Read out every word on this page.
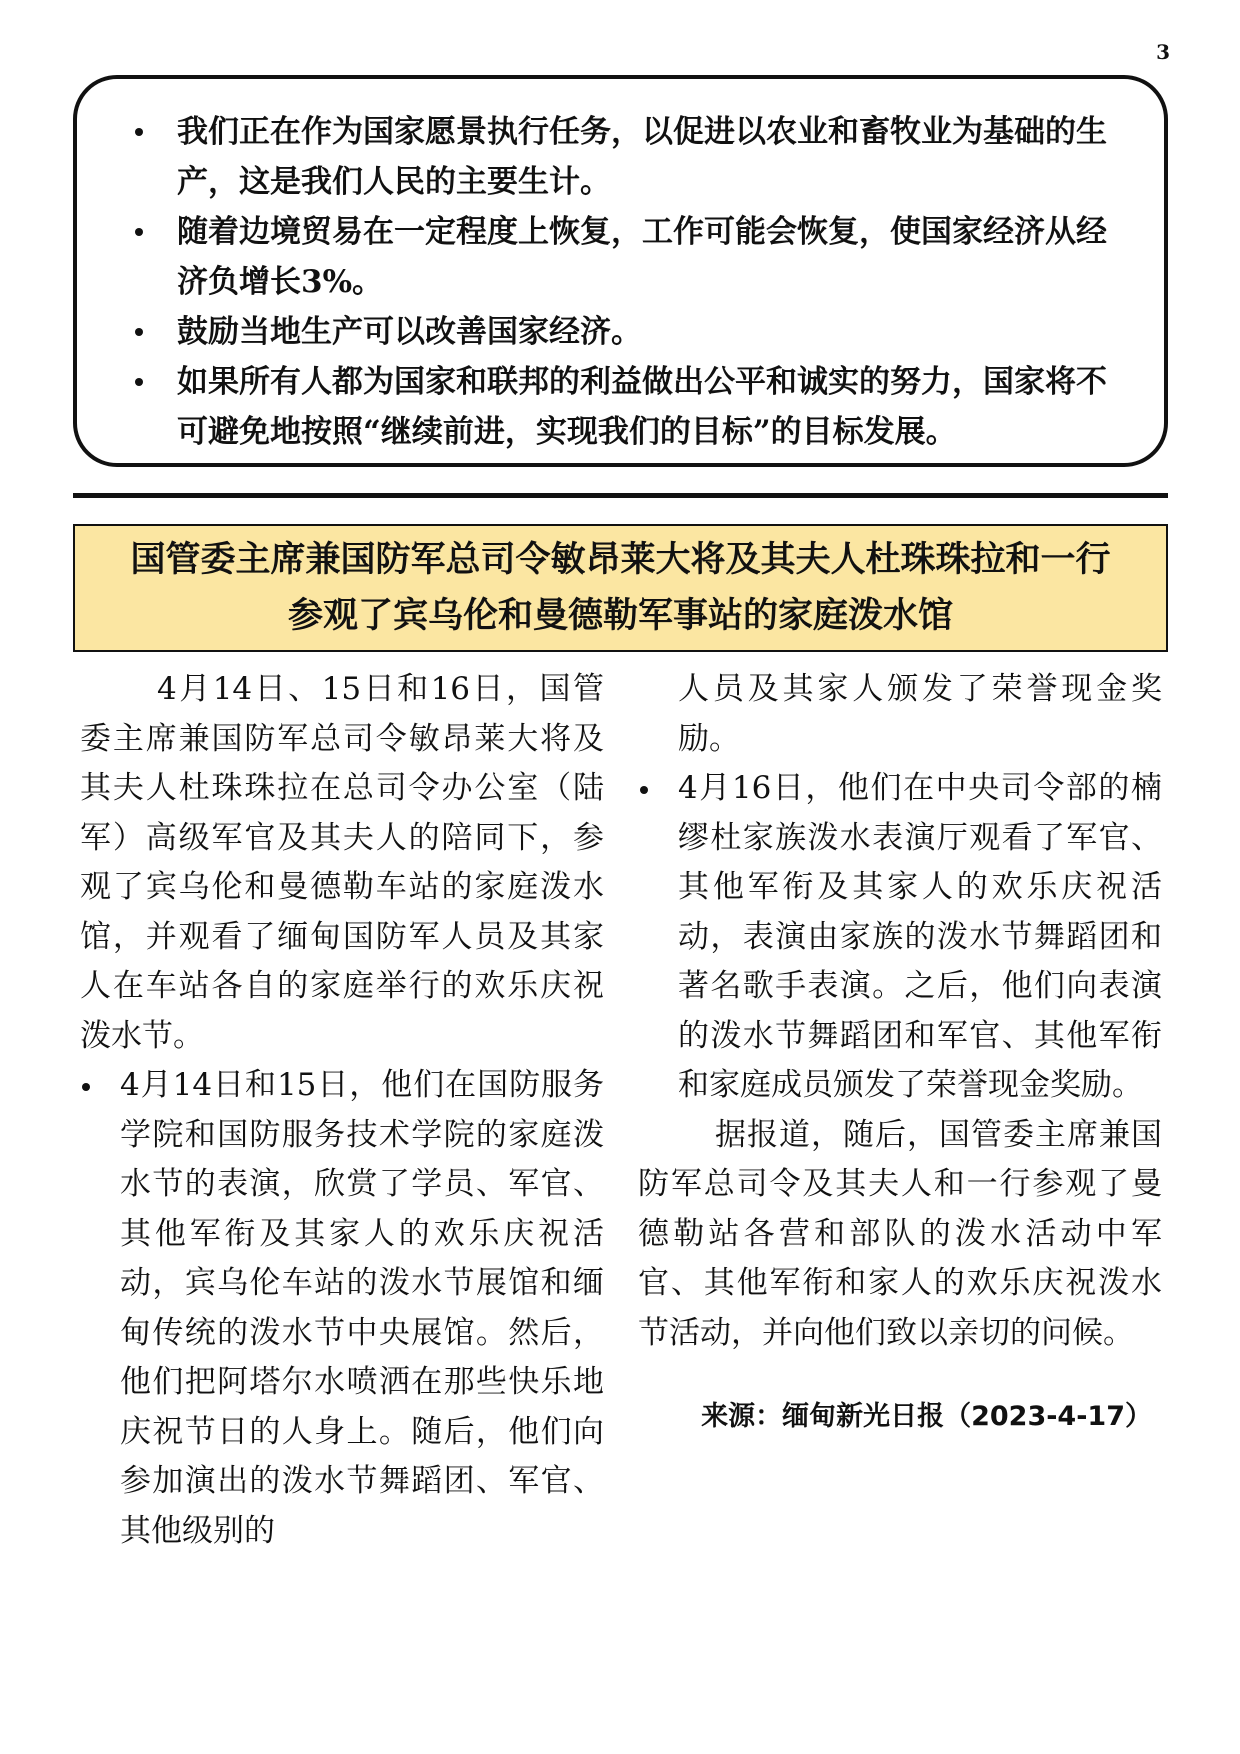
3
我们正在作为国家愿景执行任务，以促进以农业和畜牧业为基础的生产，这是我们人民的主要生计。
随着边境贸易在一定程度上恢复，工作可能会恢复，使国家经济从经济负增长3%。
鼓励当地生产可以改善国家经济。
如果所有人都为国家和联邦的利益做出公平和诚实的努力，国家将不可避免地按照“继续前进，实现我们的目标”的目标发展。
国管委主席兼国防军总司令敏昂莱大将及其夫人杜珠珠拉和一行
参观了宾乌伦和曼德勒军事站的家庭泼水馆

4月14日、15日和16日，国管委主席兼国防军总司令敏昂莱大将及其夫人杜珠珠拉在总司令办公室（陆军）高级军官及其夫人的陪同下，参观了宾乌伦和曼德勒车站的家庭泼水馆，并观看了缅甸国防军人员及其家人在车站各自的家庭举行的欢乐庆祝泼水节。

4月14日和15日，他们在国防服务学院和国防服务技术学院的家庭泼水节的表演，欣赏了学员、军官、其他军衔及其家人的欢乐庆祝活动，宾乌伦车站的泼水节展馆和缅甸传统的泼水节中央展馆。然后，他们把阿塔尔水喷洒在那些快乐地庆祝节日的人身上。随后，他们向参加演出的泼水节舞蹈团、军官、其他级别的
人员及其家人颁发了荣誉现金奖励。
4月16日，他们在中央司令部的楠缪杜家族泼水表演厅观看了军官、其他军衔及其家人的欢乐庆祝活动，表演由家族的泼水节舞蹈团和著名歌手表演。之后，他们向表演的泼水节舞蹈团和军官、其他军衔和家庭成员颁发了荣誉现金奖励。

据报道，随后，国管委主席兼国防军总司令及其夫人和一行参观了曼德勒站各营和部队的泼水活动中军官、其他军衔和家人的欢乐庆祝泼水节活动，并向他们致以亲切的问候。

来源：缅甸新光日报（2023-4-17）
